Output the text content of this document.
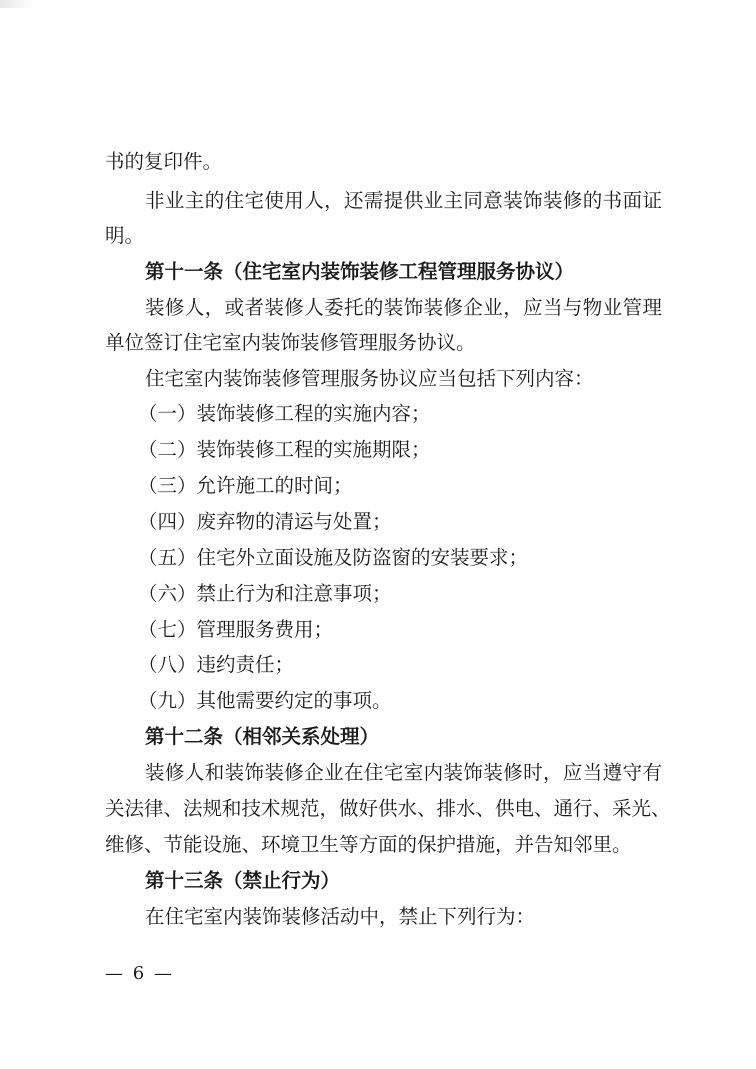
书的复印件。
非业主的住宅使用人，还需提供业主同意装饰装修的书面证
明。
第十一条（住宅室内装饰装修工程管理服务协议）
装修人，或者装修人委托的装饰装修企业，应当与物业管理
单位签订住宅室内装饰装修管理服务协议。
住宅室内装饰装修管理服务协议应当包括下列内容：
（一）装饰装修工程的实施内容；
（二）装饰装修工程的实施期限；
（三）允许施工的时间；
（四）废弃物的清运与处置；
（五）住宅外立面设施及防盗窗的安装要求；
（六）禁止行为和注意事项；
（七）管理服务费用；
（八）违约责任；
（九）其他需要约定的事项。
第十二条（相邻关系处理）
装修人和装饰装修企业在住宅室内装饰装修时，应当遵守有
关法律、法规和技术规范，做好供水、排水、供电、通行、采光、
维修、节能设施、环境卫生等方面的保护措施，并告知邻里。
第十三条（禁止行为）
在住宅室内装饰装修活动中，禁止下列行为：
— 6 —
